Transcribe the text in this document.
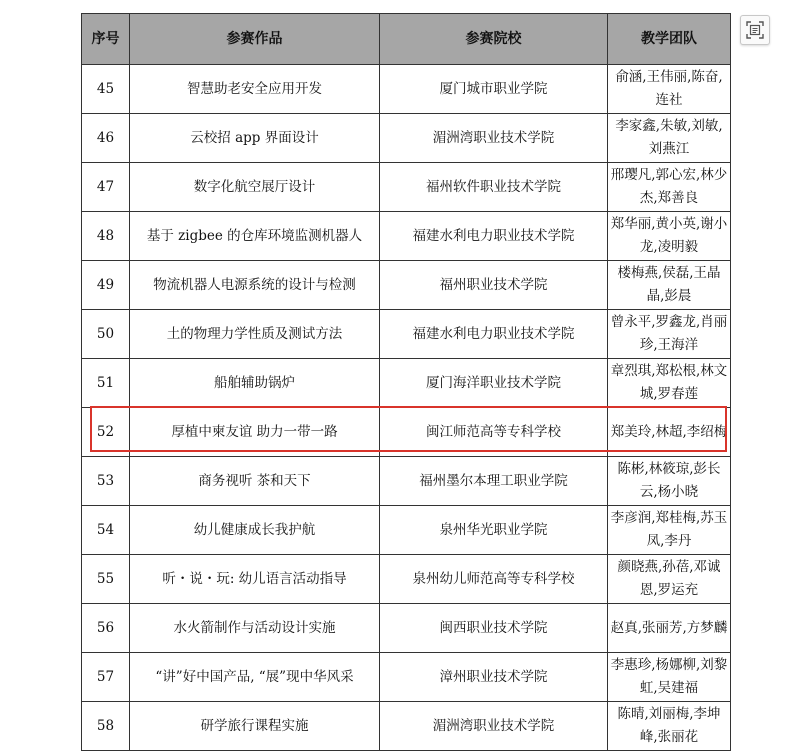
序号	参赛作品	参赛院校	教学团队
45	智慧助老安全应用开发	厦门城市职业学院	俞涵,王伟丽,陈奋,连社
46	云校招 app 界面设计	湄洲湾职业技术学院	李家鑫,朱敏,刘敏,刘燕江
47	数字化航空展厅设计	福州软件职业技术学院	邢璎凡,郭心宏,林少杰,郑善良
48	基于 zigbee 的仓库环境监测机器人	福建水利电力职业技术学院	郑华丽,黄小英,谢小龙,凌明毅
49	物流机器人电源系统的设计与检测	福州职业技术学院	楼梅燕,侯磊,王晶晶,彭晨
50	土的物理力学性质及测试方法	福建水利电力职业技术学院	曾永平,罗鑫龙,肖丽珍,王海洋
51	船舶辅助锅炉	厦门海洋职业技术学院	章烈琪,郑松根,林文城,罗春莲
52	厚植中柬友谊 助力一带一路	闽江师范高等专科学校	郑美玲,林超,李绍梅
53	商务视听 茶和天下	福州墨尔本理工职业学院	陈彬,林筱琼,彭长云,杨小晓
54	幼儿健康成长我护航	泉州华光职业学院	李彦润,郑桂梅,苏玉凤,李丹
55	听・说・玩: 幼儿语言活动指导	泉州幼儿师范高等专科学校	颜晓燕,孙蓓,邓诚恩,罗运充
56	水火箭制作与活动设计实施	闽西职业技术学院	赵真,张丽芳,方梦麟
57	“讲”好中国产品, “展”现中华风采	漳州职业技术学院	李惠珍,杨娜柳,刘黎虹,吴建福
58	研学旅行课程实施	湄洲湾职业技术学院	陈晴,刘丽梅,李坤峰,张丽花
